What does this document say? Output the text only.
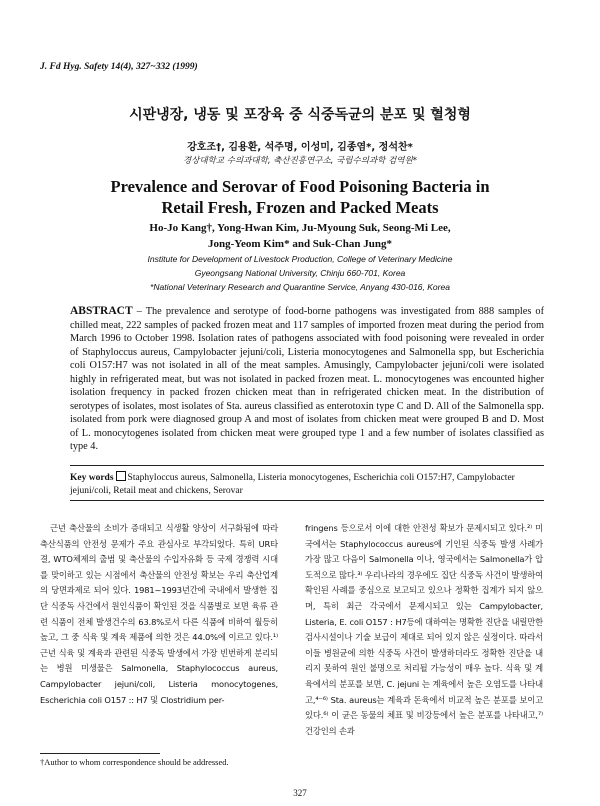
J. Fd Hyg. Safety 14(4), 327~332 (1999)
시판냉장, 냉동 및 포장육 중 식중독균의 분포 및 혈청형
강호조†, 김용환, 석주명, 이성미, 김종염*, 정석찬*
경상대학교 수의과대학, 축산진흥연구소, 국립수의과학 검역원*
Prevalence and Serovar of Food Poisoning Bacteria in
Retail Fresh, Frozen and Packed Meats
Ho-Jo Kang†, Yong-Hwan Kim, Ju-Myoung Suk, Seong-Mi Lee,
Jong-Yeom Kim* and Suk-Chan Jung*
Institute for Development of Livestock Production, College of Veterinary Medicine
Gyeongsang National University, Chinju 660-701, Korea
*National Veterinary Research and Quarantine Service, Anyang 430-016, Korea
ABSTRACT – The prevalence and serotype of food-borne pathogens was investigated from 888 samples of chilled meat, 222 samples of packed frozen meat and 117 samples of imported frozen meat during the period from March 1996 to October 1998. Isolation rates of pathogens associated with food poisoning were revealed in order of Staphyloccus aureus, Campylobacter jejuni/coli, Listeria monocytogenes and Salmonella spp, but Escherichia coli O157:H7 was not isolated in all of the meat samples. Amusingly, Campylobacter jejuni/coli were isolated highly in refrigerated meat, but was not isolated in packed frozen meat. L. monocytogenes was encounted higher isolation frequency in packed frozen chicken meat than in refrigerated chicken meat. In the distribution of serotypes of isolates, most isolates of Sta. aureus classified as enterotoxin type C and D. All of the Salmonella spp. isolated from pork were diagnosed group A and most of isolates from chicken meat were grouped B and D. Most of L. monocytogenes isolated from chicken meat were grouped type 1 and a few number of isolates classified as type 4.
Key words Staphyloccus aureus, Salmonella, Listeria monocytogenes, Escherichia coli O157:H7, Campylobacter jejuni/coli, Retail meat and chickens, Serovar

근년 축산물의 소비가 증대되고 식생활 양상이 서구화됨에 따라 축산식품의 안전성 문제가 주요 관심사로 부각되었다. 특히 UR타결, WTO체제의 출범 및 축산물의 수입자유화 등 국제 경쟁력 시대를 맞이하고 있는 시점에서 축산물의 안전성 확보는 우리 축산업계의 당면과제로 되어 있다. 1981~1993년간에 국내에서 발생한 집단 식중독 사건에서 원인식품이 확인된 것을 식품별로 보면 육류 관련 식품이 전체 발생건수의 63.8%로서 다른 식품에 비하여 월등히 높고, 그 중 식육 및 계육 제품에 의한 것은 44.0%에 이르고 있다.¹⁾ 근년 식육 및 계육과 관련된 식중독 발생에서 가장 빈번하게 분리되는 병원 미생물은 Salmonella, Staphylococcus aureus, Campylobacter jejuni/coli, Listeria monocytogenes, Escherichia coli O157 :: H7 및 Clostridium per-

fringens 등으로서 이에 대한 안전성 확보가 문제시되고 있다.²⁾ 미국에서는 Staphylococcus aureus에 기인된 식중독 발생 사례가 가장 많고 다음이 Salmonella 이나, 영국에서는 Salmonella가 압도적으로 많다.³⁾ 우리나라의 경우에도 집단 식중독 사건이 발생하여 확인된 사례를 중심으로 보고되고 있으나 정확한 집계가 되지 않으며, 특히 최근 각국에서 문제시되고 있는 Campylobacter, Listeria, E. coli O157 : H7등에 대하여는 명확한 진단을 내릴만한 검사시설이나 기술 보급이 제대로 되어 있지 않은 실정이다. 따라서 이들 병원균에 의한 식중독 사건이 발생하더라도 정확한 진단을 내리지 못하여 원인 불명으로 처리될 가능성이 매우 높다. 식육 및 계육에서의 분포를 보면, C. jejuni 는 계육에서 높은 오염도를 나타내고,⁴⁻⁶⁾ Sta. aureus는 계육과 돈육에서 비교적 높은 분포를 보이고 있다.⁶⁾ 이 균은 동물의 체표 및 비강등에서 높은 분포를 나타내고,⁷⁾ 건강인의 손과

†Author to whom correspondence should be addressed.
327
